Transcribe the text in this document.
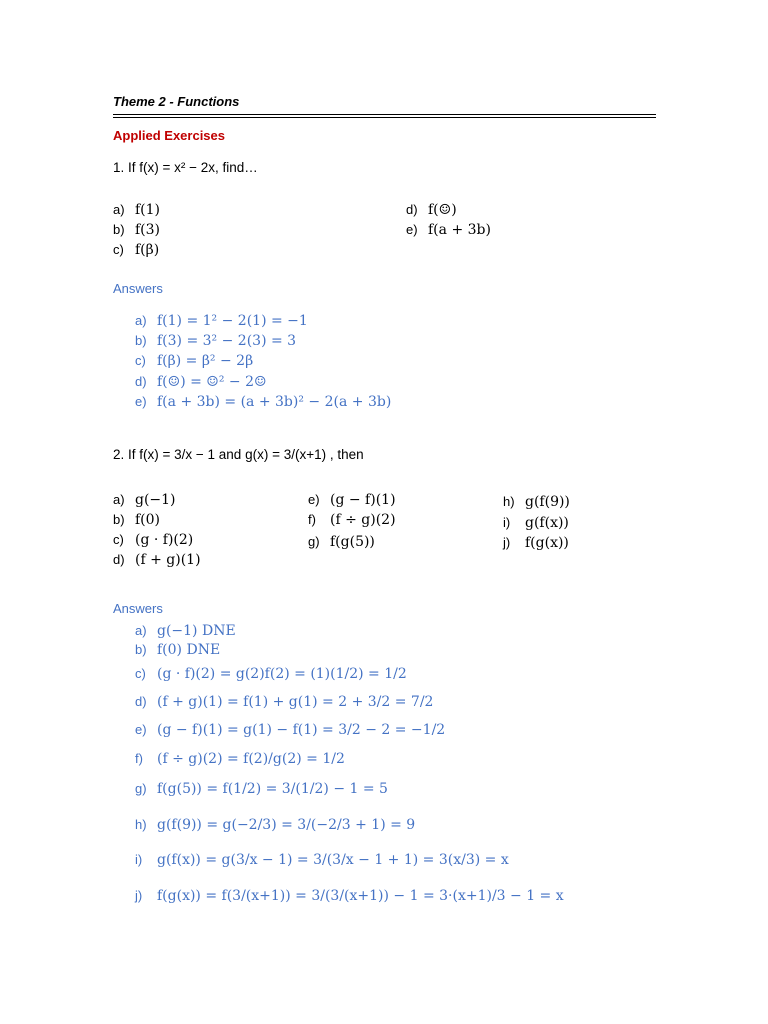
Theme 2 - Functions
Applied Exercises
1. If f(x) = x² − 2x, find…
a) f(1)
b) f(3)
c) f(β)
d) f(☺)
e) f(a + 3b)
Answers
a) f(1) = 1² − 2(1) = −1
b) f(3) = 3² − 2(3) = 3
c) f(β) = β² − 2β
d) f(☺) = ☺² − 2☺
e) f(a + 3b) = (a + 3b)² − 2(a + 3b)
2. If f(x) = 3/x − 1 and g(x) = 3/(x+1) , then
a) g(−1)
b) f(0)
c) (g · f)(2)
d) (f + g)(1)
e) (g − f)(1)
f) (f ÷ g)(2)
g) f(g(5))
h) g(f(9))
i) g(f(x))
j) f(g(x))
Answers
a) g(−1) DNE
b) f(0) DNE
c) (g · f)(2) = g(2)f(2) = (1)(1/2) = 1/2
d) (f + g)(1) = f(1) + g(1) = 2 + 3/2 = 7/2
e) (g − f)(1) = g(1) − f(1) = 3/2 − 2 = −1/2
f) (f ÷ g)(2) = f(2)/g(2) = 1/2
g) f(g(5)) = f(1/2) = 3/(1/2) − 1 = 5
h) g(f(9)) = g(−2/3) = 3/(−2/3 + 1) = 9
i) g(f(x)) = g(3/x − 1) = 3/(3/x − 1 + 1) = 3(x/3) = x
j) f(g(x)) = f(3/(x+1)) = 3/(3/(x+1)) − 1 = 3·(x+1)/3 − 1 = x
